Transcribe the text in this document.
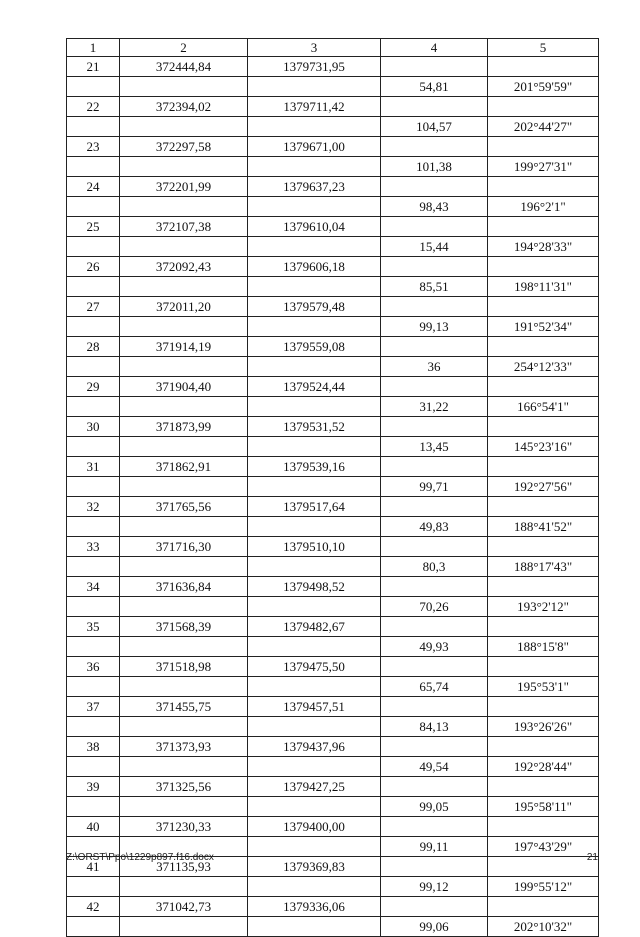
1	2	3	4	5
21	372444,84	1379731,95		
			54,81	201°59'59"
22	372394,02	1379711,42		
			104,57	202°44'27"
23	372297,58	1379671,00		
			101,38	199°27'31"
24	372201,99	1379637,23		
			98,43	196°2'1"
25	372107,38	1379610,04		
			15,44	194°28'33"
26	372092,43	1379606,18		
			85,51	198°11'31"
27	372011,20	1379579,48		
			99,13	191°52'34"
28	371914,19	1379559,08		
			36	254°12'33"
29	371904,40	1379524,44		
			31,22	166°54'1"
30	371873,99	1379531,52		
			13,45	145°23'16"
31	371862,91	1379539,16		
			99,71	192°27'56"
32	371765,56	1379517,64		
			49,83	188°41'52"
33	371716,30	1379510,10		
			80,3	188°17'43"
34	371636,84	1379498,52		
			70,26	193°2'12"
35	371568,39	1379482,67		
			49,93	188°15'8"
36	371518,98	1379475,50		
			65,74	195°53'1"
37	371455,75	1379457,51		
			84,13	193°26'26"
38	371373,93	1379437,96		
			49,54	192°28'44"
39	371325,56	1379427,25		
			99,05	195°58'11"
40	371230,33	1379400,00		
			99,11	197°43'29"
41	371135,93	1379369,83		
			99,12	199°55'12"
42	371042,73	1379336,06		
			99,06	202°10'32"
Z:\ORST\Ppo\1229p897.f16.docx	21
